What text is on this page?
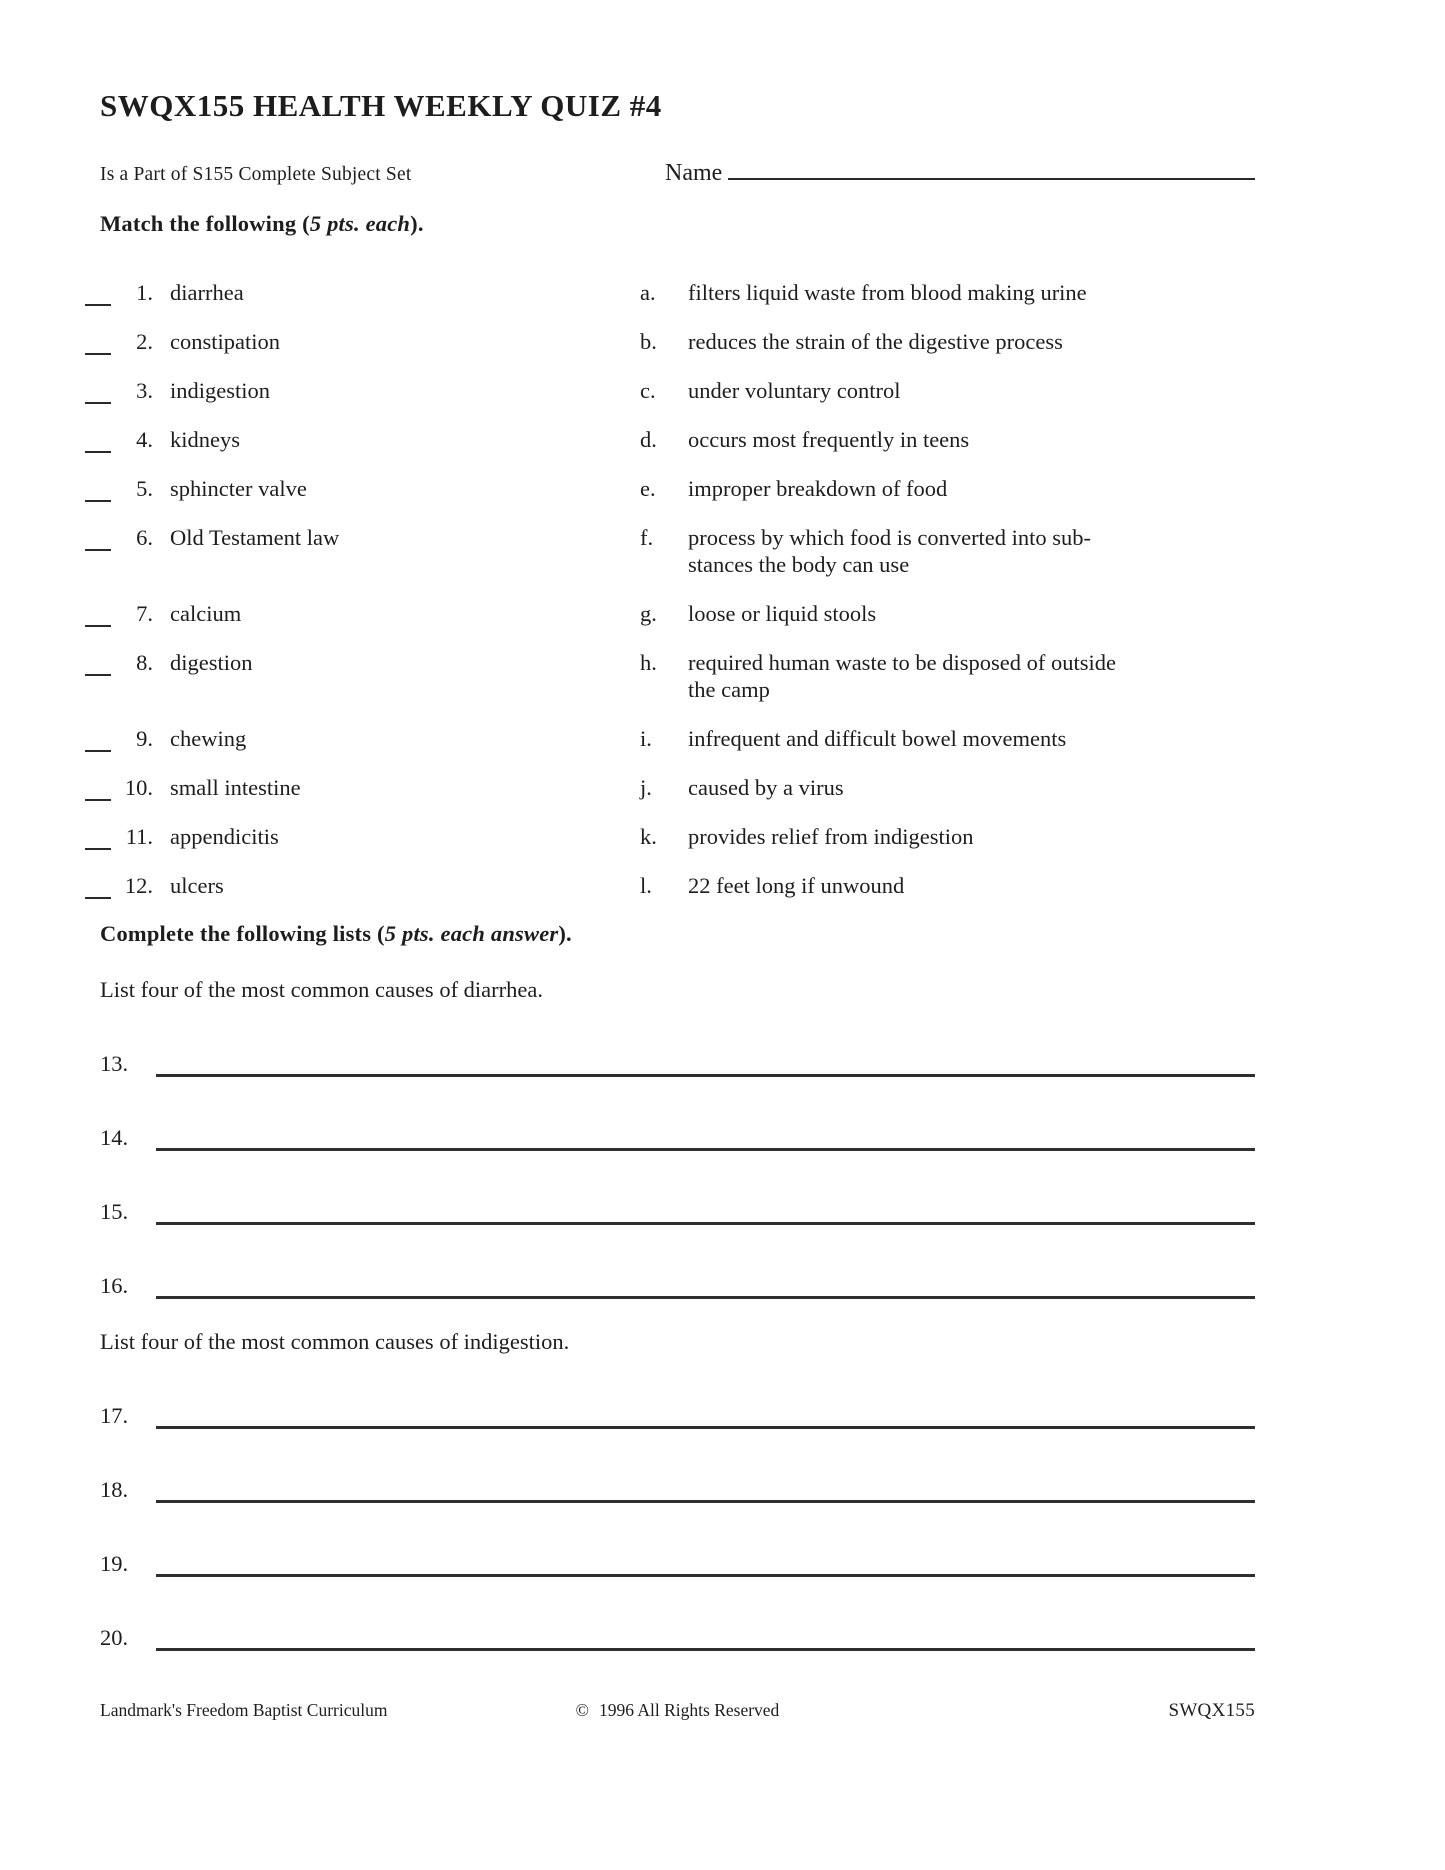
SWQX155 HEALTH WEEKLY QUIZ #4
Is a Part of S155 Complete Subject Set	Name
Match the following (5 pts. each).
1. diarrhea	a.	filters liquid waste from blood making urine
2. constipation	b.	reduces the strain of the digestive process
3. indigestion	c.	under voluntary control
4. kidneys	d.	occurs most frequently in teens
5. sphincter valve	e.	improper breakdown of food
6. Old Testament law	f.	process by which food is converted into sub-
stances the body can use
7. calcium	g.	loose or liquid stools
8. digestion	h.	required human waste to be disposed of outside
the camp
9. chewing	i.	infrequent and difficult bowel movements
10. small intestine	j.	caused by a virus
11. appendicitis	k.	provides relief from indigestion
12. ulcers	l.	22 feet long if unwound
Complete the following lists (5 pts. each answer).
List four of the most common causes of diarrhea.
13.
14.
15.
16.
List four of the most common causes of indigestion.
17.
18.
19.
20.
Landmark's Freedom Baptist Curriculum	© 1996 All Rights Reserved	SWQX155
